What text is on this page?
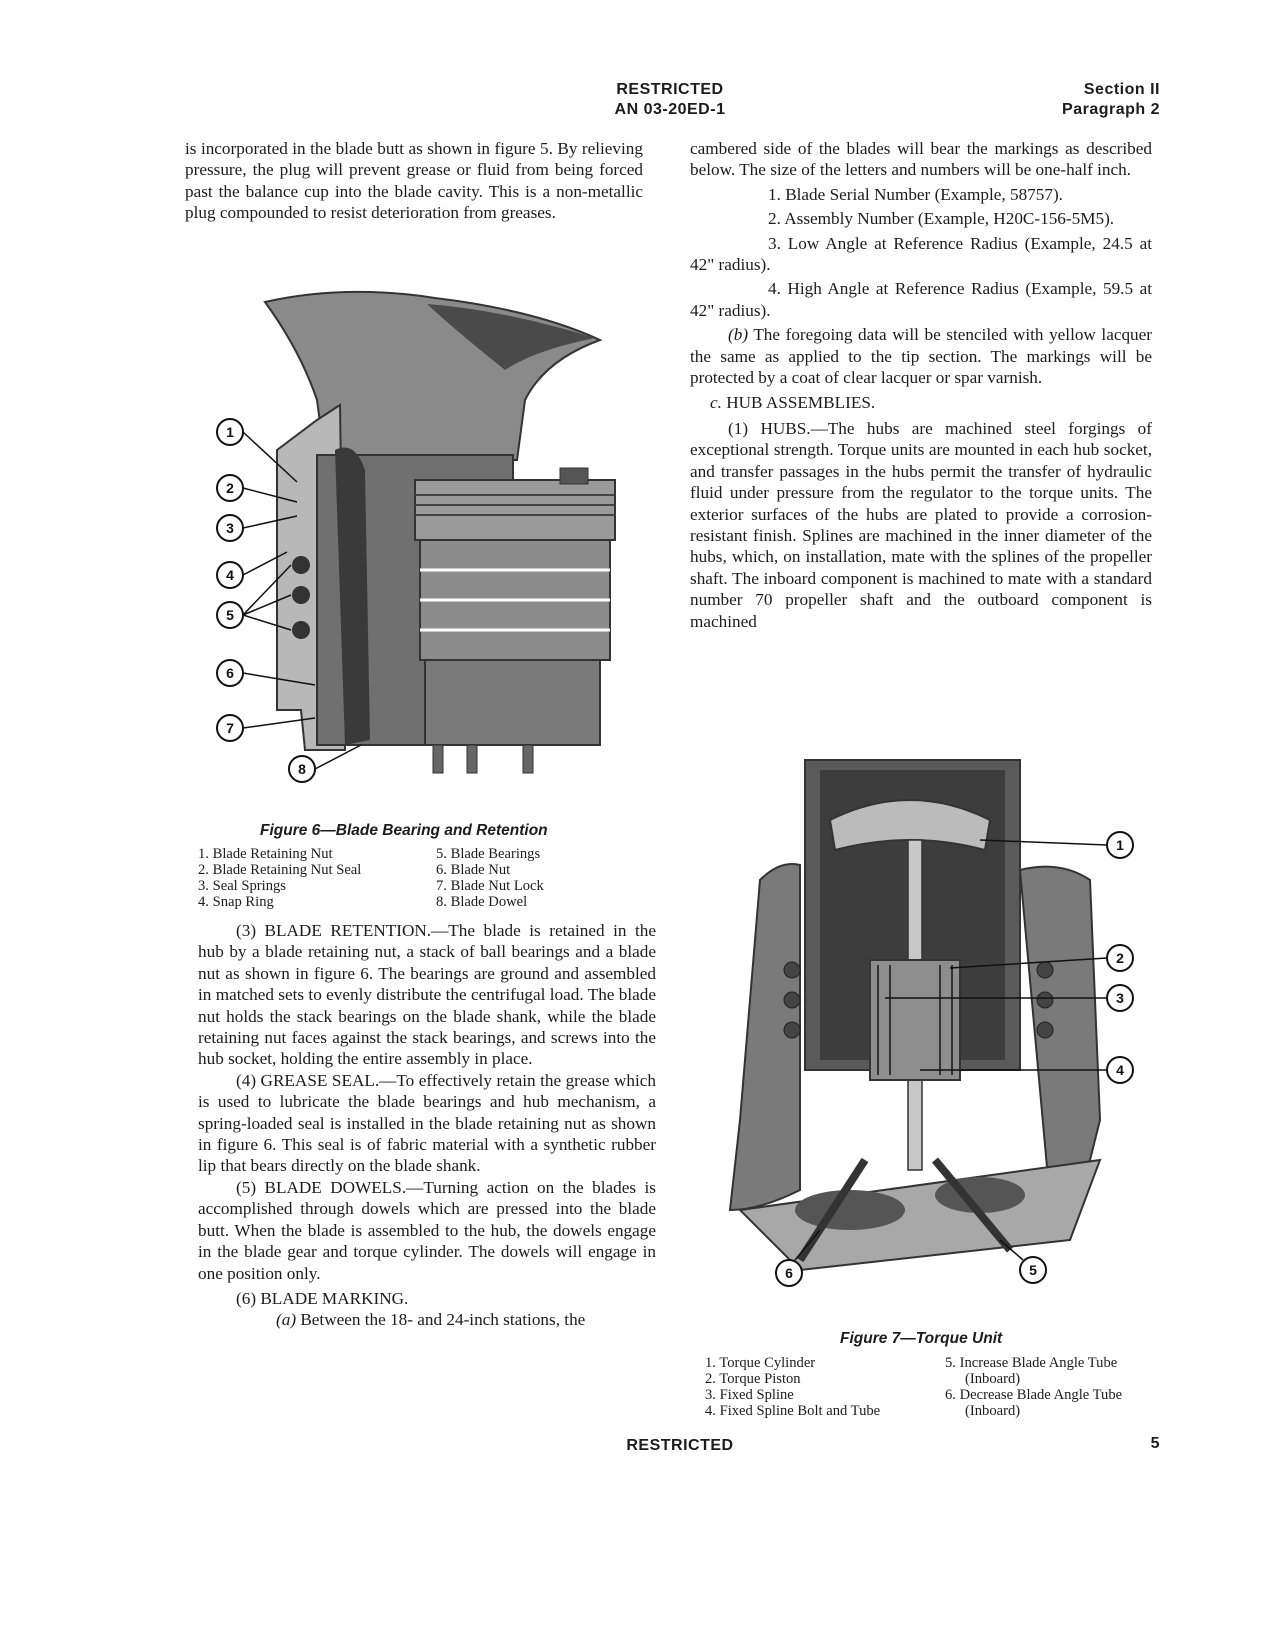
RESTRICTED
AN 03-20ED-1
Section II
Paragraph 2

is incorporated in the blade butt as shown in figure 5. By relieving pressure, the plug will prevent grease or fluid from being forced past the balance cup into the blade cavity. This is a non-metallic plug compounded to resist deterioration from greases.

1
2
3
4
5
6
7
8
Figure 6—Blade Bearing and Retention
1. Blade Retaining Nut
2. Blade Retaining Nut Seal
3. Seal Springs
4. Snap Ring
5. Blade Bearings
6. Blade Nut
7. Blade Nut Lock
8. Blade Dowel

(3) BLADE RETENTION.—The blade is retained in the hub by a blade retaining nut, a stack of ball bearings and a blade nut as shown in figure 6. The bearings are ground and assembled in matched sets to evenly distribute the centrifugal load. The blade nut holds the stack bearings on the blade shank, while the blade retaining nut faces against the stack bearings, and screws into the hub socket, holding the entire assembly in place.

(4) GREASE SEAL.—To effectively retain the grease which is used to lubricate the blade bearings and hub mechanism, a spring-loaded seal is installed in the blade retaining nut as shown in figure 6. This seal is of fabric material with a synthetic rubber lip that bears directly on the blade shank.

(5) BLADE DOWELS.—Turning action on the blades is accomplished through dowels which are pressed into the blade butt. When the blade is assembled to the hub, the dowels engage in the blade gear and torque cylinder. The dowels will engage in one position only.

(6) BLADE MARKING.

(a) Between the 18- and 24-inch stations, the

cambered side of the blades will bear the markings as described below. The size of the letters and numbers will be one-half inch.

1. Blade Serial Number (Example, 58757).

2. Assembly Number (Example, H20C-156-5M5).

3. Low Angle at Reference Radius (Example, 24.5 at 42" radius).

4. High Angle at Reference Radius (Example, 59.5 at 42" radius).

(b) The foregoing data will be stenciled with yellow lacquer the same as applied to the tip section. The markings will be protected by a coat of clear lacquer or spar varnish.

c. HUB ASSEMBLIES.

(1) HUBS.—The hubs are machined steel forgings of exceptional strength. Torque units are mounted in each hub socket, and transfer passages in the hubs permit the transfer of hydraulic fluid under pressure from the regulator to the torque units. The exterior surfaces of the hubs are plated to provide a corrosion-resistant finish. Splines are machined in the inner diameter of the hubs, which, on installation, mate with the splines of the propeller shaft. The inboard component is machined to mate with a standard number 70 propeller shaft and the outboard component is machined

1
2
3
4
5
6
Figure 7—Torque Unit
1. Torque Cylinder
2. Torque Piston
3. Fixed Spline
4. Fixed Spline Bolt and Tube
5. Increase Blade Angle Tube
(Inboard)
6. Decrease Blade Angle Tube
(Inboard)
RESTRICTED	5
